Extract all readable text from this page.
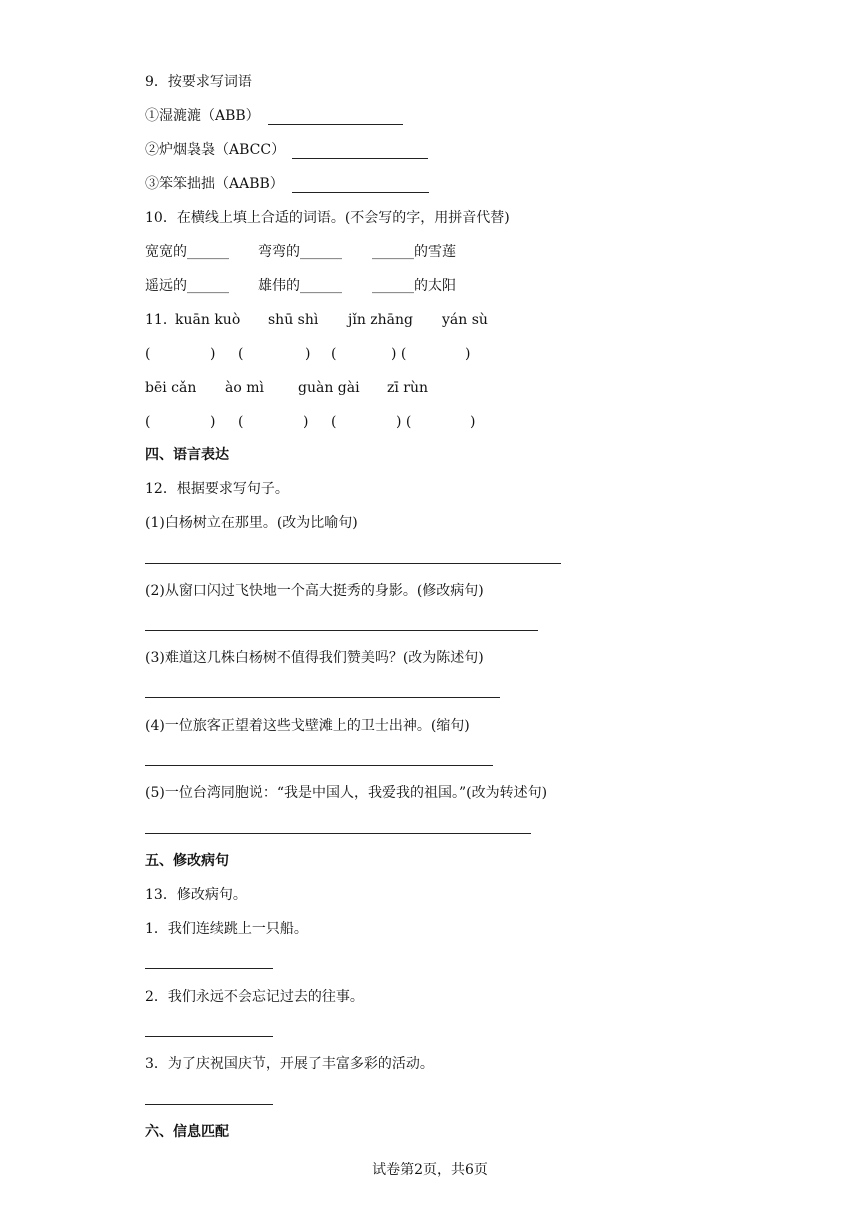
9．按要求写词语
①湿漉漉（ABB）
②炉烟袅袅（ABCC）
③笨笨拙拙（AABB）
10．在横线上填上合适的词语。(不会写的字，用拼音代替)
宽宽的______ 弯弯的______ ______的雪莲
遥远的______ 雄伟的______ ______的太阳
11．
kuān kuò shū shì jǐn zhāng yán sù
(	) (	) (	) (	)
bēi cǎn ào mì guàn gài zī rùn
(	) (	) (	) (	)
四、语言表达
12．根据要求写句子。
(1)白杨树立在那里。(改为比喻句)
(2)从窗口闪过飞快地一个高大挺秀的身影。(修改病句)
(3)难道这几株白杨树不值得我们赞美吗？(改为陈述句)
(4)一位旅客正望着这些戈壁滩上的卫士出神。(缩句)
(5)一位台湾同胞说：“我是中国人，我爱我的祖国。”(改为转述句)
五、修改病句
13．修改病句。
1．我们连续跳上一只船。
2．我们永远不会忘记过去的往事。
3．为了庆祝国庆节，开展了丰富多彩的活动。
六、信息匹配
试卷第2页，共6页
